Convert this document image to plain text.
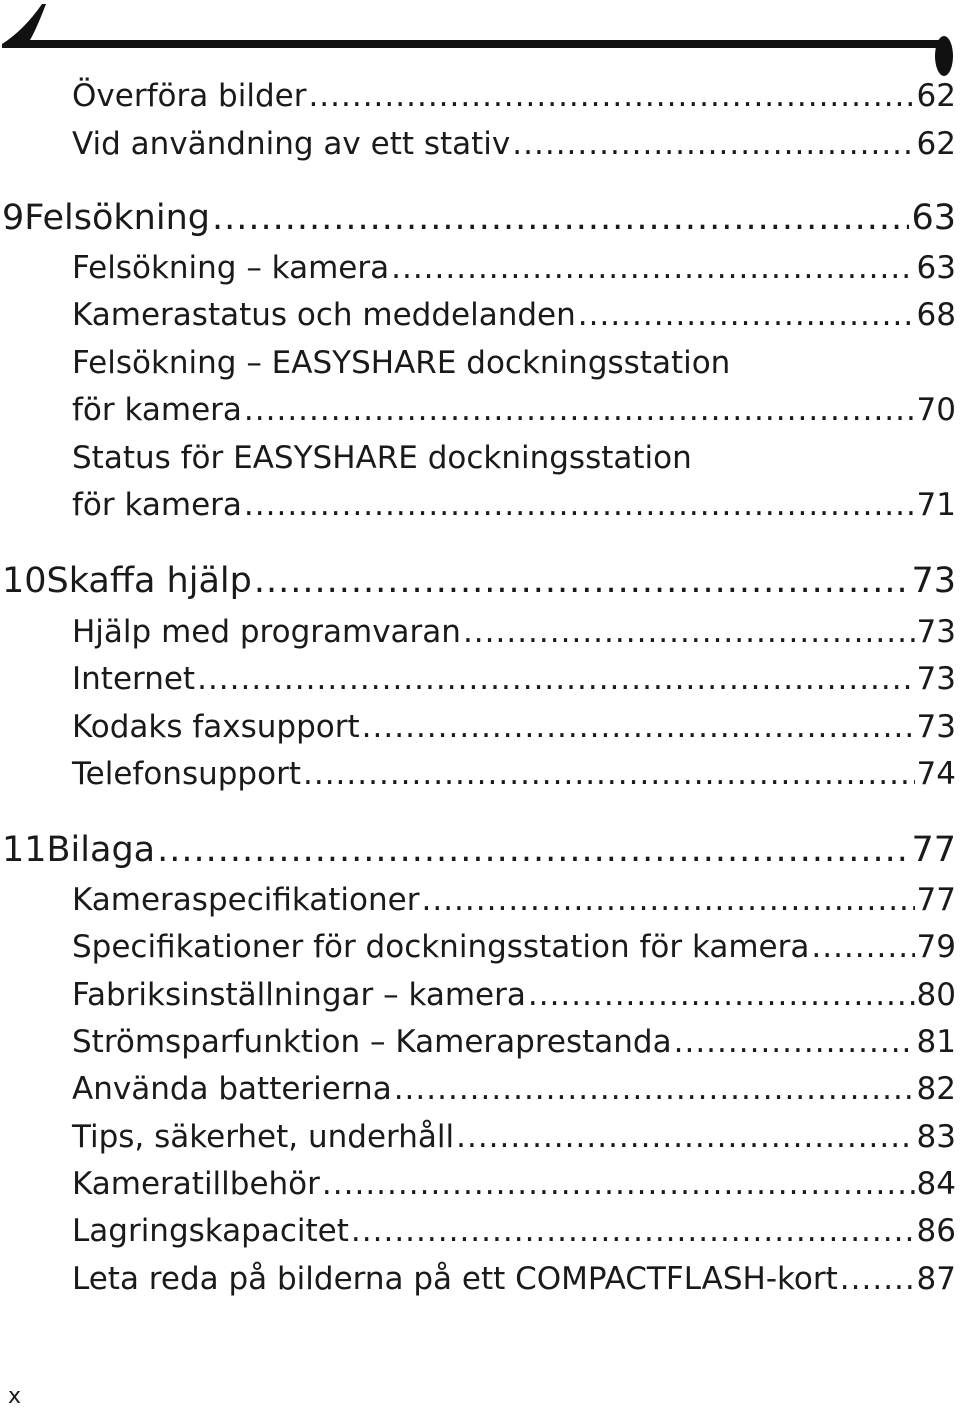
Överföra bilder .....	62
Vid användning av ett stativ .....	62
9 Felsökning .....	63
Felsökning – kamera .....	63
Kamerastatus och meddelanden .....	68
Felsökning – EASYSHARE dockningsstation
för kamera .....	70
Status för EASYSHARE dockningsstation
för kamera .....	71
10 Skaffa hjälp .....	73
Hjälp med programvaran .....	73
Internet .....	73
Kodaks faxsupport .....	73
Telefonsupport .....	74
11 Bilaga .....	77
Kameraspecifikationer .....	77
Specifikationer för dockningsstation för kamera .....	79
Fabriksinställningar – kamera .....	80
Strömsparfunktion – Kameraprestanda .....	81
Använda batterierna .....	82
Tips, säkerhet, underhåll .....	83
Kameratillbehör .....	84
Lagringskapacitet .....	86
Leta reda på bilderna på ett COMPACTFLASH-kort .....	87
x
